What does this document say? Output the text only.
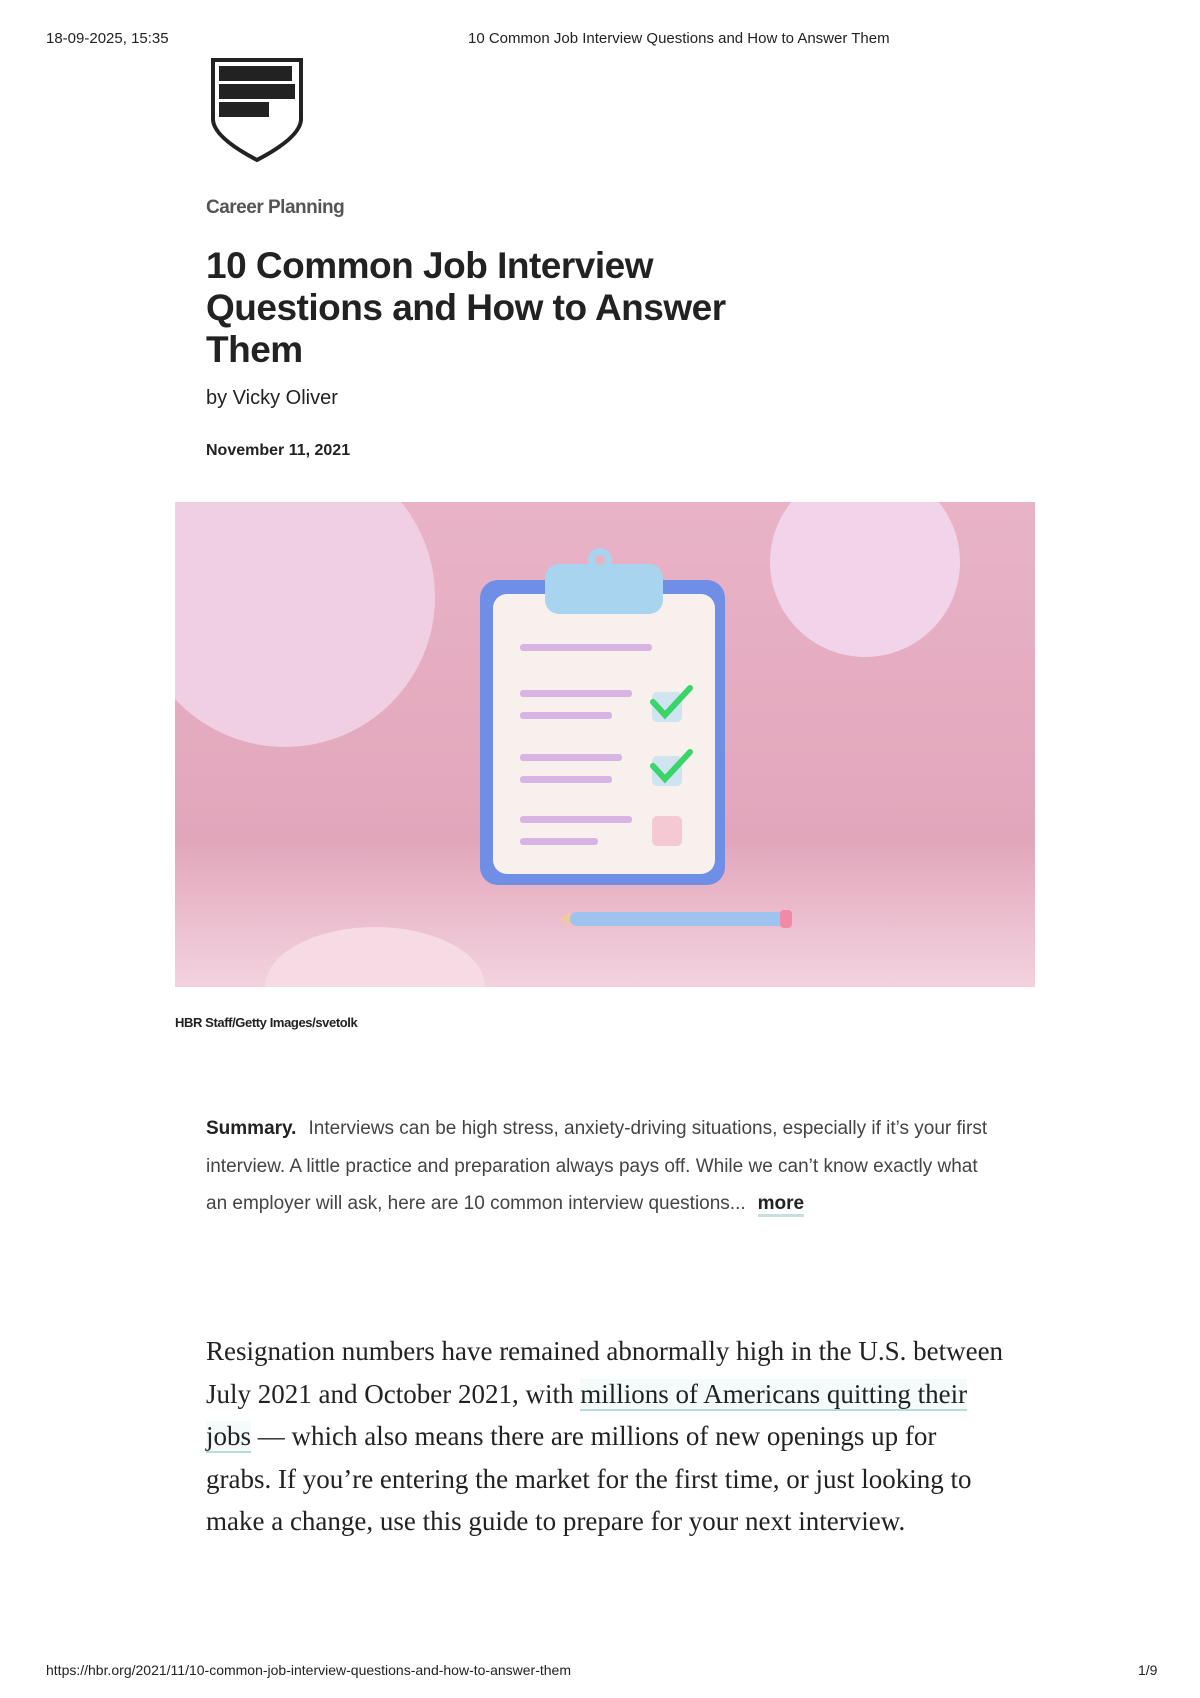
18-09-2025, 15:35	10 Common Job Interview Questions and How to Answer Them
Career Planning
10 Common Job Interview Questions and How to Answer Them
by Vicky Oliver
November 11, 2021
HBR Staff/Getty Images/svetolk
Summary. Interviews can be high stress, anxiety-driving situations, especially if it’s your first interview. A little practice and preparation always pays off. While we can’t know exactly what an employer will ask, here are 10 common interview questions... more
Resignation numbers have remained abnormally high in the U.S. between July 2021 and October 2021, with millions of Americans quitting their jobs — which also means there are millions of new openings up for grabs. If you’re entering the market for the first time, or just looking to make a change, use this guide to prepare for your next interview.
https://hbr.org/2021/11/10-common-job-interview-questions-and-how-to-answer-them	1/9
